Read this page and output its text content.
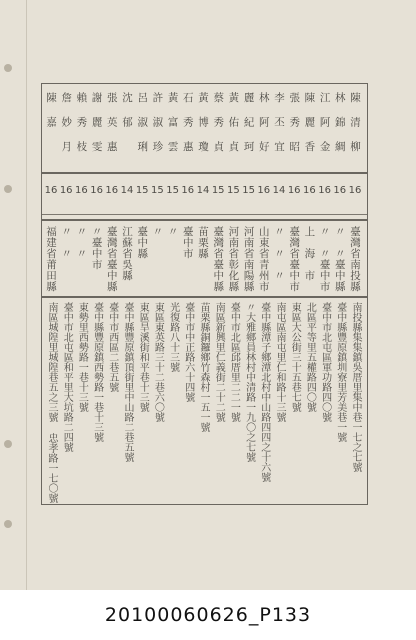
陳清柳
16
臺灣省南投縣
南投縣集集鎮吳厝里集中巷一七之七號
林錦綢
16
〃　〃臺中縣
臺中縣豐原鎮圳寮里芳美巷一號
江阿金
16
〃　〃臺中市
臺中市北屯區軍功路四〇號
陳麗香
16
上　海　市
北區平等里五權路四〇號
張秀昭
16
臺灣省臺中市
東區大公街三十五巷七號
李丕宜
14
〃　〃　〃
南屯區南屯里仁和路十三號
林阿好
16
山東省青州市
臺中縣潭子鄉潭北村中山路四四之十六號
麗紀珂
15
河南省南陽縣
〃大雅鄉員林村中清路一九〇之七號
黃佑貞
15
河南省彰化縣
臺中市北區邱厝里二二一號
蔡秀貞
15
臺灣省臺中縣
南區新興里仁義街二十二號
黃博瓊
14
苗栗縣
苗栗縣銅鑼鄉竹森村一五一號
石秀惠
16
臺中市
臺中市中正路六十四號
黃富雲
15
〃
光復路八十三號
許淑珍
15
〃
東區東英路三十二巷六〇號
呂淑琍
15
臺中縣
東區旱溪街和平巷十三號
沈郁
14
江蘇省吳縣
臺中縣豐原鎮頂街里中山路二巷五號
張英惠
16
臺灣省臺中縣
臺中市西區二巷五號
謝麗雯
16
〃臺中市
臺中縣豐原鎮西勢路一巷十三號
賴秀枝
16
〃　〃
東勢里西勢路一巷十三號
詹妙月
16
〃　〃
臺中市北屯區和平里大坑路二四號
陳嘉
16
福建省莆田縣
南區城隍里城隍巷五之三號 忠孝路一七〇號
20100060626_P133
